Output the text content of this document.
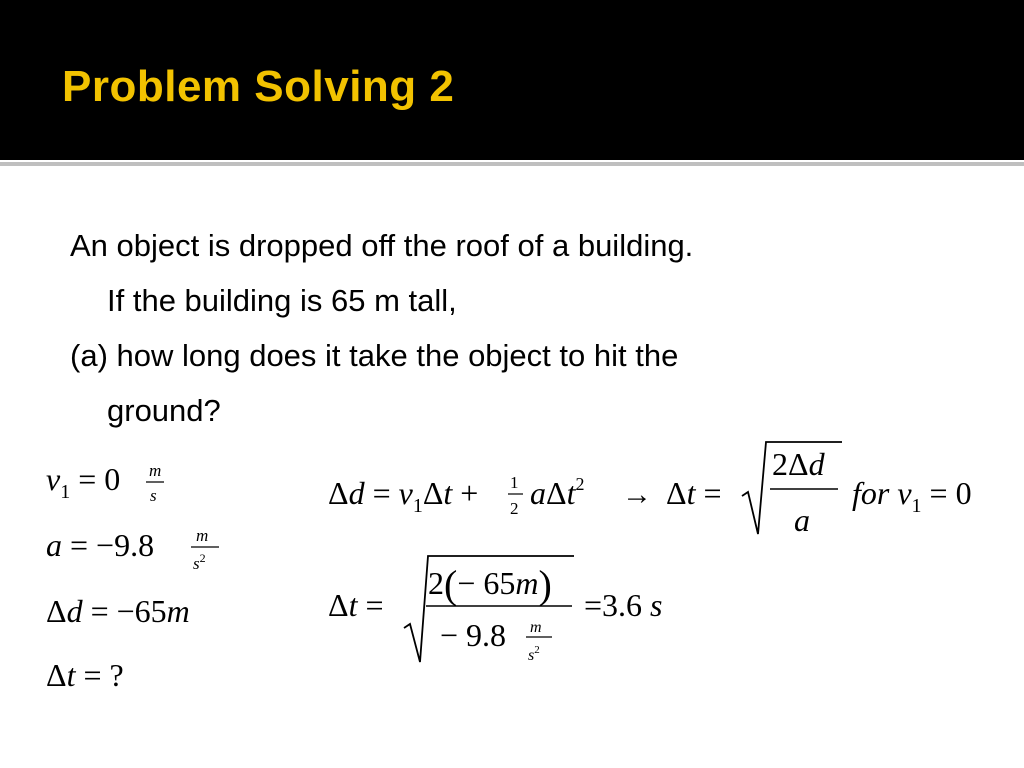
Problem Solving 2

An object is dropped off the roof of a building.
If the building is 65 m tall,

(a) how long does it take the object to hit the
ground?

$v_1 = 0$ m
s
a = −9.8 m
$s^2$
Δd = −65m
Δt = ?
$\Delta d = v_1\Delta t + 1$
2 aΔt$^2$ → Δt =
2Δd
a
for $v_1 = 0$
Δt =
2(− 65m)
− 9.8 m
$s^2$
=3.6 s
